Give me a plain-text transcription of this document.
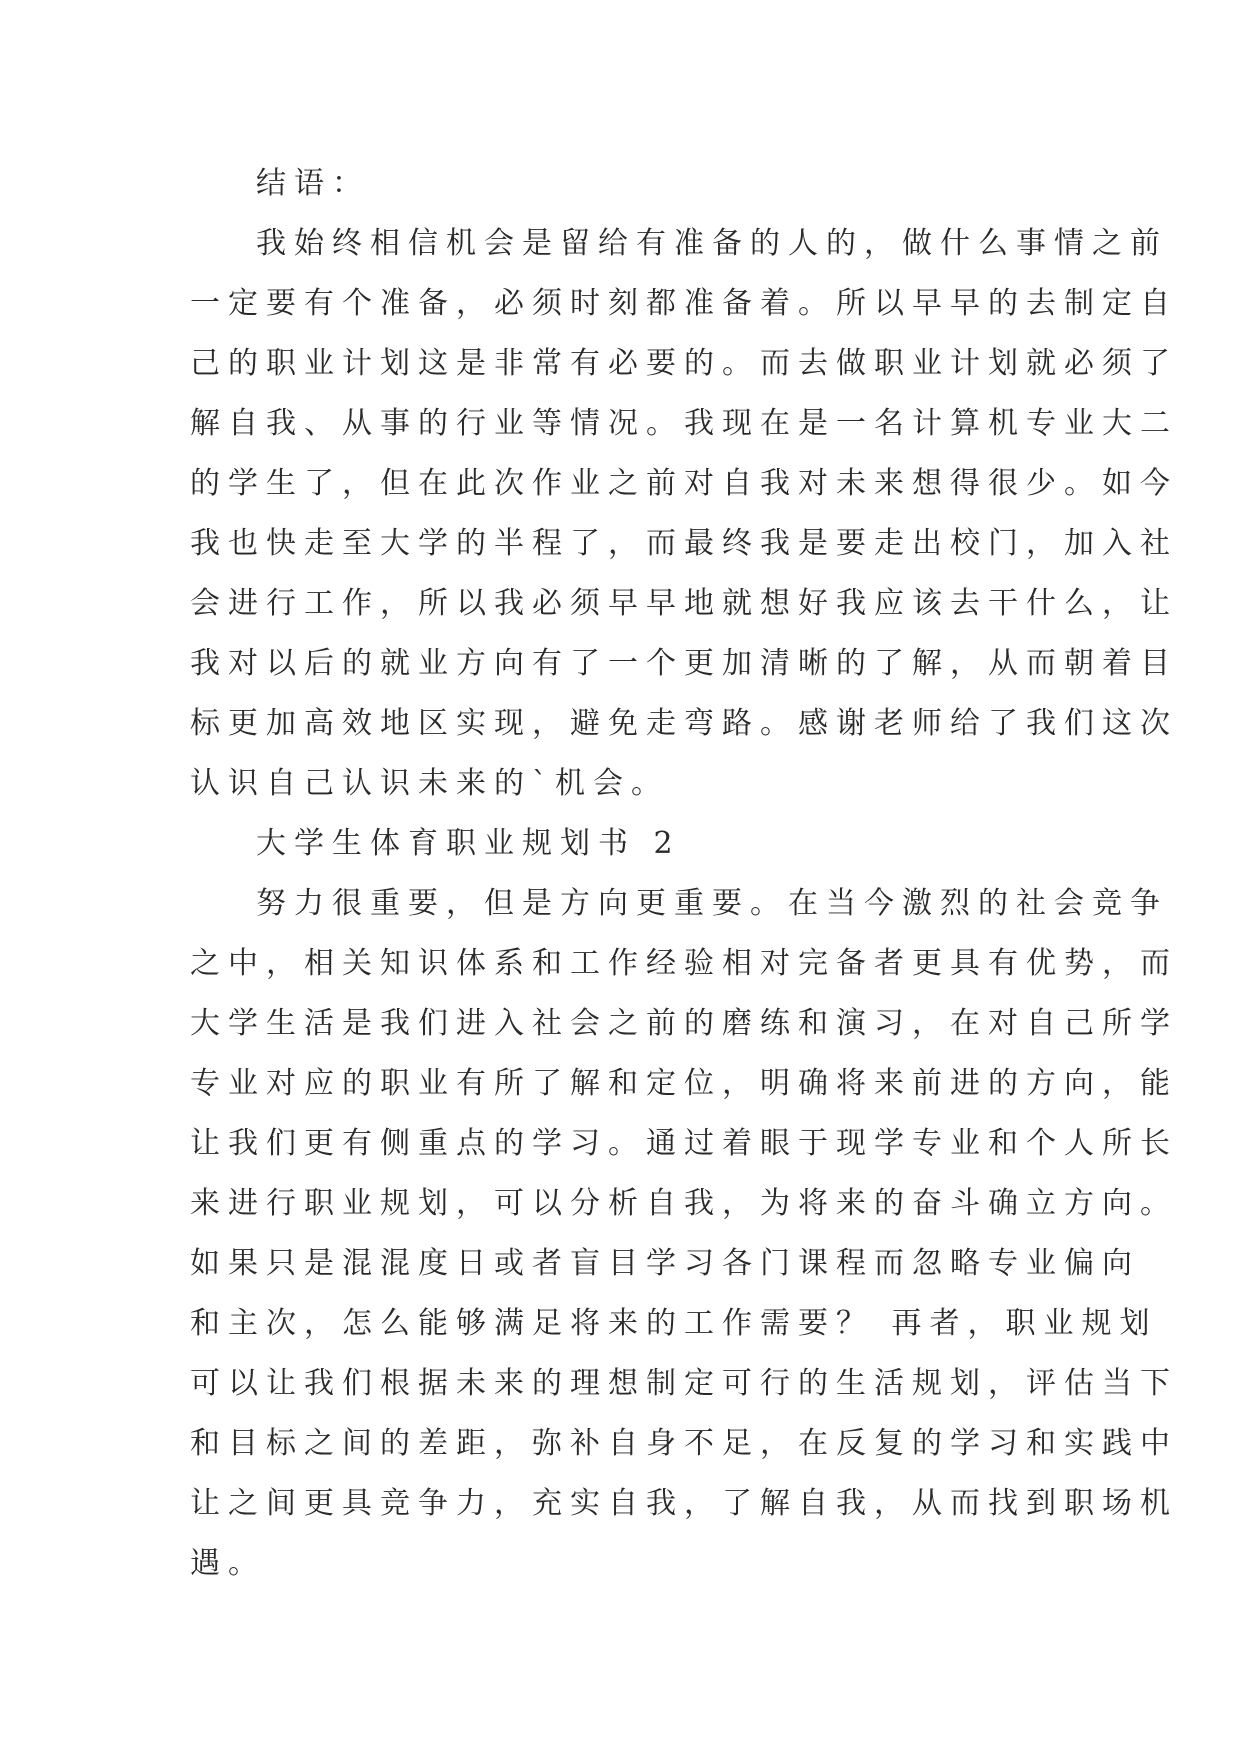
结语：
我始终相信机会是留给有准备的人的，做什么事情之前
一定要有个准备，必须时刻都准备着。所以早早的去制定自
己的职业计划这是非常有必要的。而去做职业计划就必须了
解自我、从事的行业等情况。我现在是一名计算机专业大二
的学生了，但在此次作业之前对自我对未来想得很少。如今
我也快走至大学的半程了，而最终我是要走出校门，加入社
会进行工作，所以我必须早早地就想好我应该去干什么，让
我对以后的就业方向有了一个更加清晰的了解，从而朝着目
标更加高效地区实现，避免走弯路。感谢老师给了我们这次
认识自己认识未来的`机会。
大学生体育职业规划书 2
努力很重要，但是方向更重要。在当今激烈的社会竞争
之中，相关知识体系和工作经验相对完备者更具有优势，而
大学生活是我们进入社会之前的磨练和演习，在对自己所学
专业对应的职业有所了解和定位，明确将来前进的方向，能
让我们更有侧重点的学习。通过着眼于现学专业和个人所长
来进行职业规划，可以分析自我，为将来的奋斗确立方向。
如果只是混混度日或者盲目学习各门课程而忽略专业偏向
和主次，怎么能够满足将来的工作需要？ 再者，职业规划
可以让我们根据未来的理想制定可行的生活规划，评估当下
和目标之间的差距，弥补自身不足，在反复的学习和实践中
让之间更具竞争力，充实自我，了解自我，从而找到职场机
遇。
